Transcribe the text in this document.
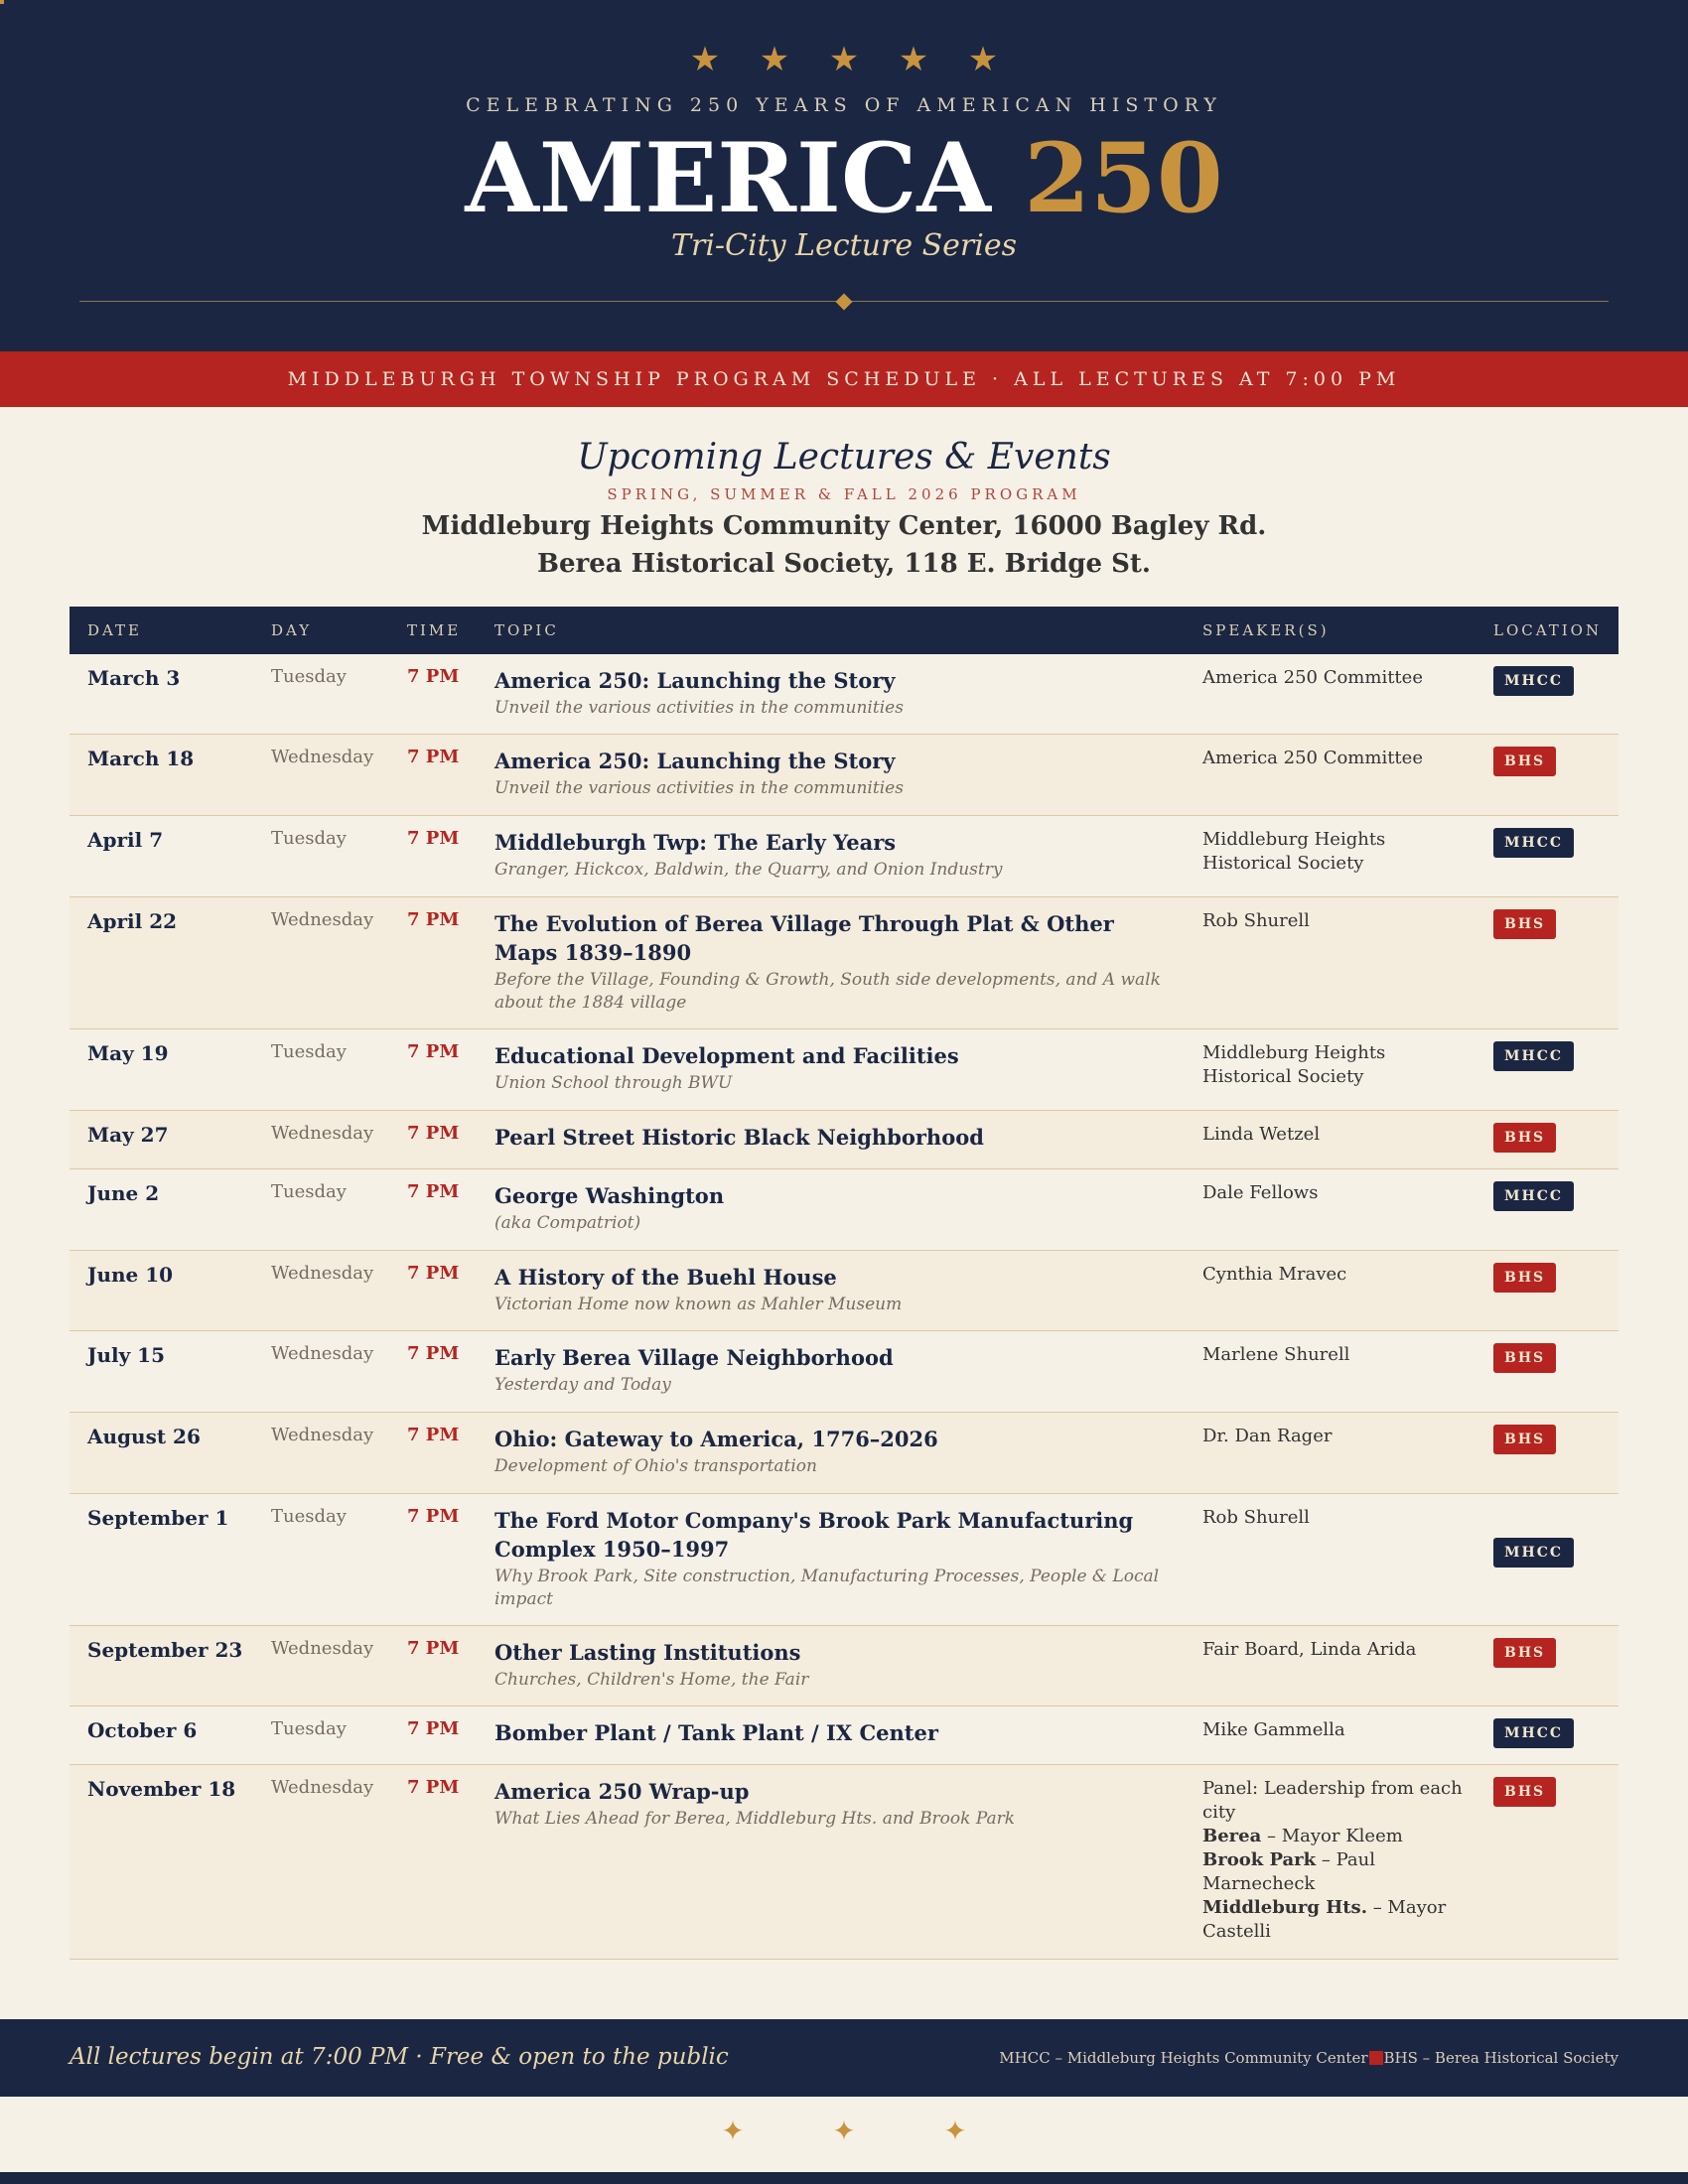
★ ★ ★ ★ ★
CELEBRATING 250 YEARS OF AMERICAN HISTORY
AMERICA 250
Tri-City Lecture Series
MIDDLEBURGH TOWNSHIP PROGRAM SCHEDULE · ALL LECTURES AT 7:00 PM
Upcoming Lectures & Events
SPRING, SUMMER & FALL 2026 PROGRAM
Middleburg Heights Community Center, 16000 Bagley Rd.
Berea Historical Society, 118 E. Bridge St.
DATE	DAY	TIME TOPIC	SPEAKER(S)	LOCATION
March 3	Tuesday	7 PM America 250: Launching the Story
Unveil the various activities in the communities
America 250 Committee	MHCC
March 18	Wednesday 7 PM America 250: Launching the Story
Unveil the various activities in the communities
America 250 Committee	BHS
April 7	Tuesday	7 PM Middleburgh Twp: The Early Years
Granger, Hickcox, Baldwin, the Quarry, and Onion Industry
Middleburg Heights Historical Society
MHCC
April 22	Wednesday 7 PM The Evolution of Berea Village Through Plat & Other Maps 1839–1890
Before the Village, Founding & Growth, South side developments, and A walk about the 1884 village
Rob Shurell	BHS
May 19	Tuesday	7 PM Educational Development and Facilities
Union School through BWU
Middleburg Heights Historical Society
MHCC
May 27	Wednesday 7 PM Pearl Street Historic Black Neighborhood	Linda Wetzel	BHS
June 2	Tuesday	7 PM George Washington
(aka Compatriot)
Dale Fellows	MHCC
June 10	Wednesday 7 PM A History of the Buehl House
Victorian Home now known as Mahler Museum
Cynthia Mravec	BHS
July 15	Wednesday 7 PM Early Berea Village Neighborhood
Yesterday and Today
Marlene Shurell	BHS
August 26	Wednesday 7 PM Ohio: Gateway to America, 1776–2026
Development of Ohio's transportation
Dr. Dan Rager	BHS
September 1 Tuesday	7 PM The Ford Motor Company's Brook Park Manufacturing Complex 1950–1997
Why Brook Park, Site construction, Manufacturing Processes, People & Local impact
Rob Shurell
MHCC
September 23 Wednesday 7 PM Other Lasting Institutions
Churches, Children's Home, the Fair
Fair Board, Linda Arida	BHS
October 6	Tuesday	7 PM Bomber Plant / Tank Plant / IX Center	Mike Gammella	MHCC
November 18 Wednesday 7 PM America 250 Wrap-up
What Lies Ahead for Berea, Middleburg Hts. and Brook Park
Panel: Leadership from each city
Berea – Mayor Kleem
Brook Park – Paul Marnecheck
Middleburg Hts. – Mayor Castelli
BHS
All lectures begin at 7:00 PM · Free & open to the public	MHCC – Middleburg Heights Community Center BHS – Berea Historical Society
✦	✦	✦
